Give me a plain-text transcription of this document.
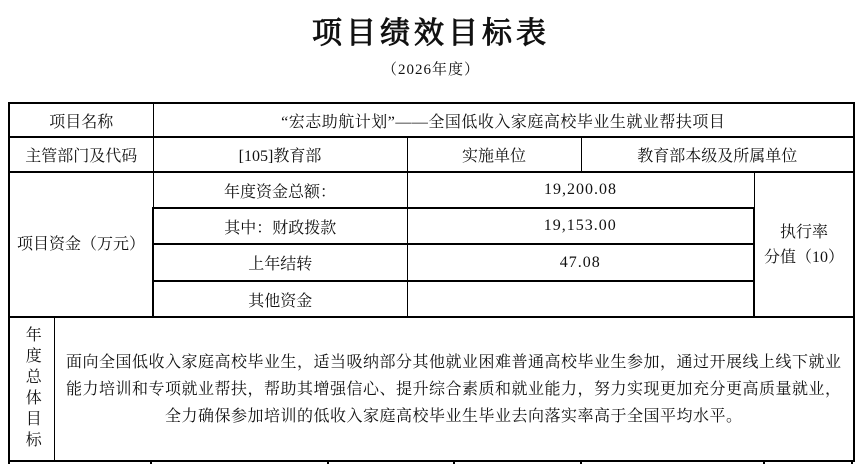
项目绩效目标表
（2026年度）
项目名称		“宏志助航计划”——全国低收入家庭高校毕业生就业帮扶项目			
主管部门及代码		[105]教育部	实施单位	教育部本级及所属单位	
项目资金（万元）		年度资金总额：	19,200.08		执行率
分值（10）

		其中：财政拨款	19,153.00		
		上年结转	47.08		
		其他资金			

年度总体目标	面向全国低收入家庭高校毕业生，适当吸纳部分其他就业困难普通高校毕业生参加，通过开展线上线下就业能力培训和专项就业帮扶，帮助其增强信心、提升综合素质和就业能力，努力实现更加充分更高质量就业，全力确保参加培训的低收入家庭高校毕业生毕业去向落实率高于全国平均水平。				
